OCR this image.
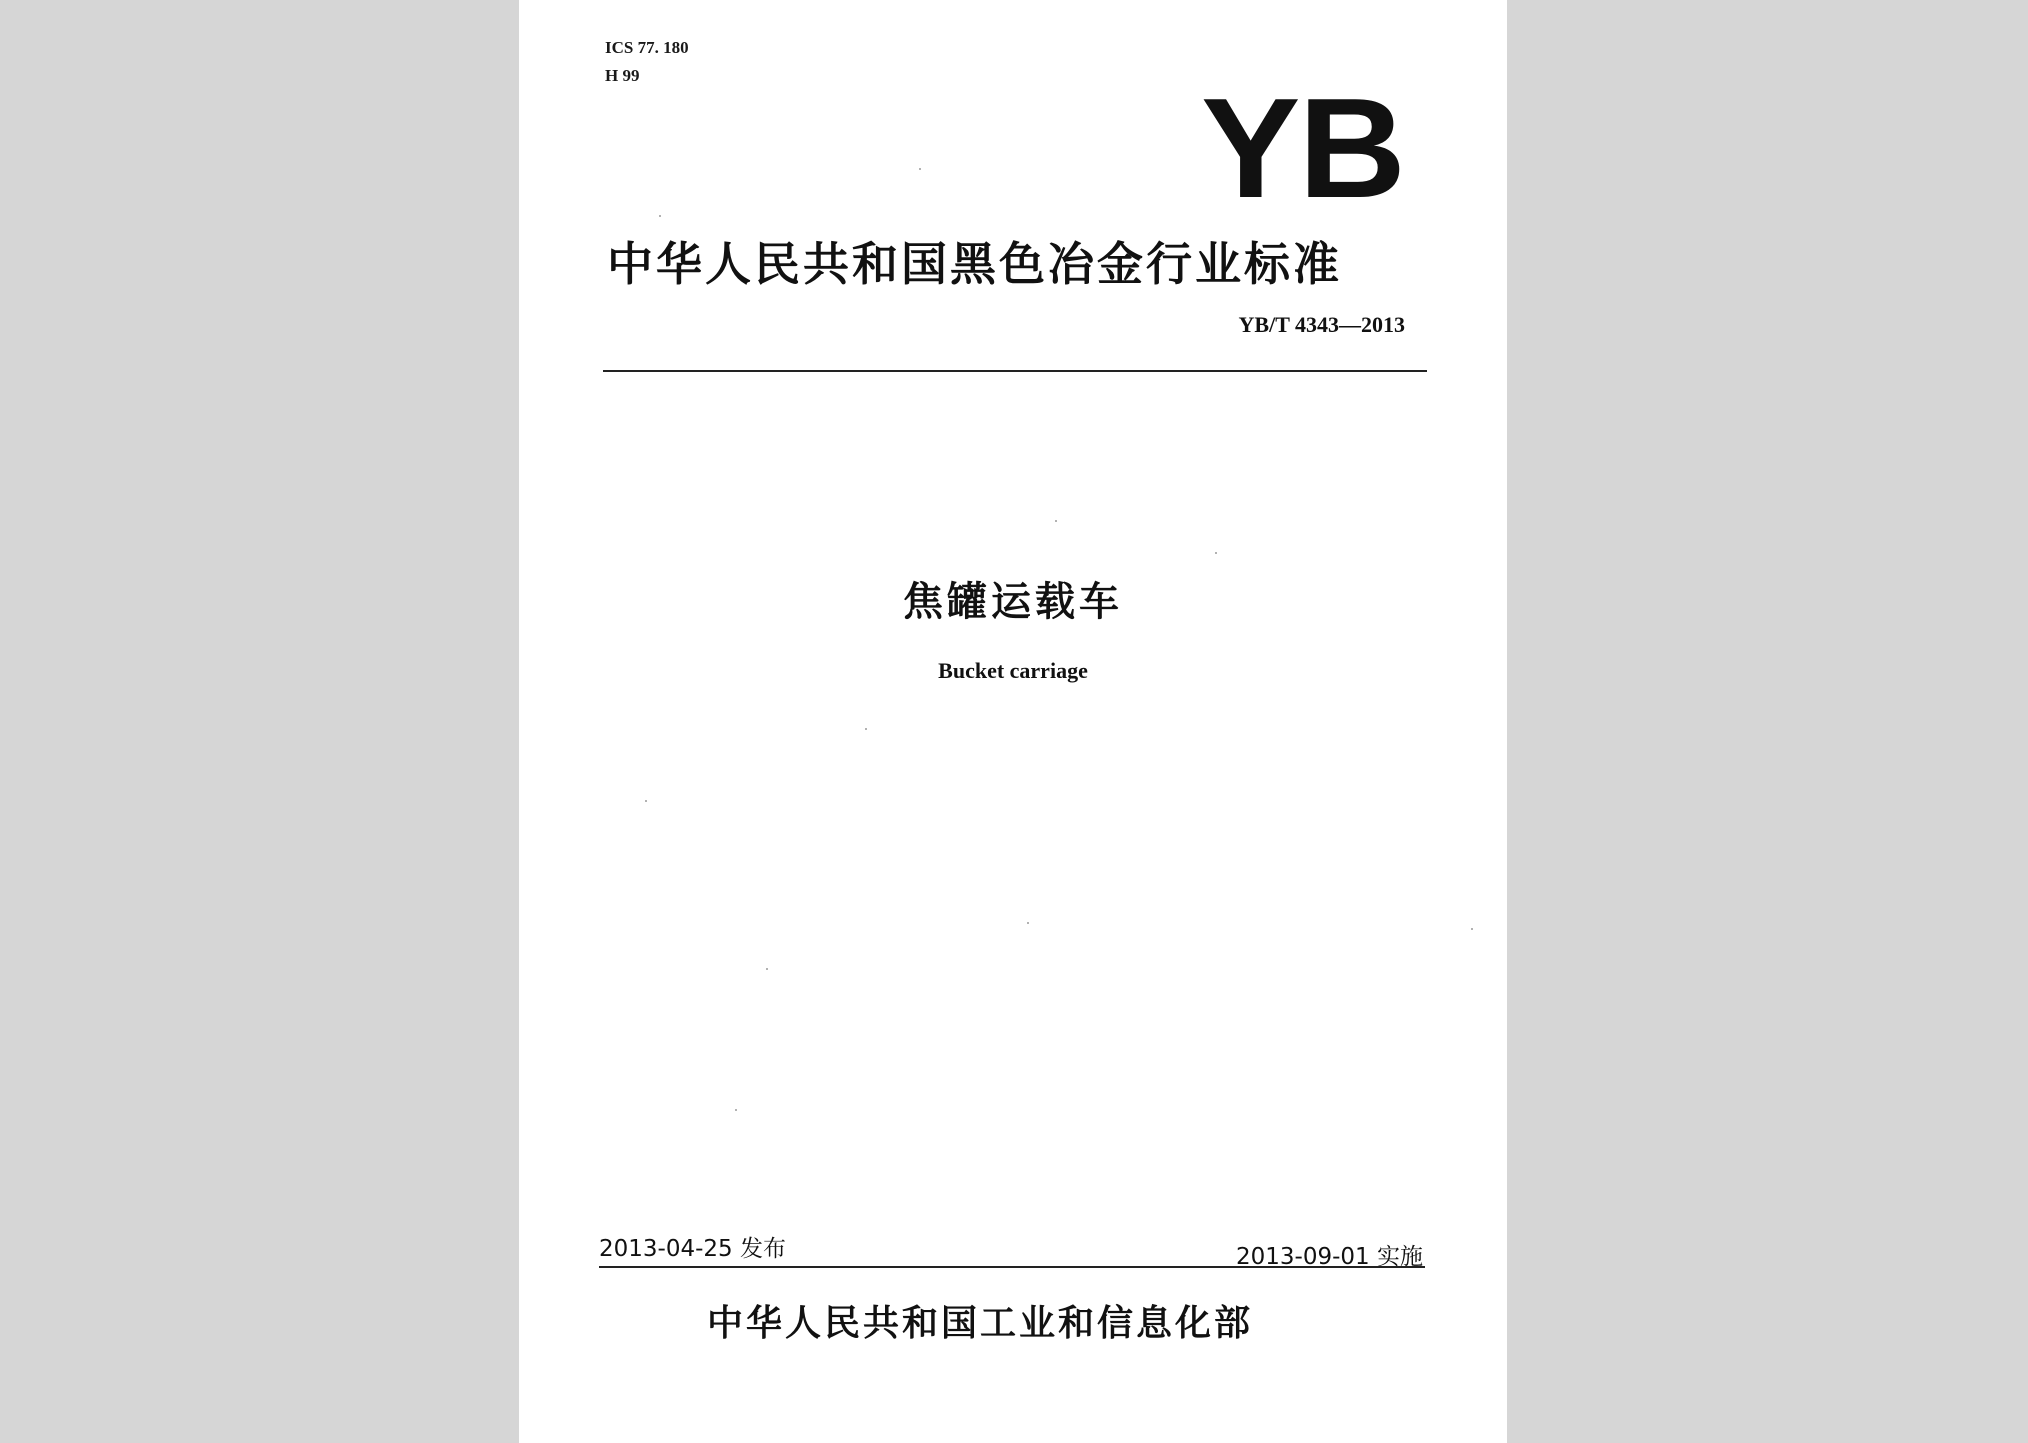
ICS 77. 180
H 99	YB
中华人民共和国黑色冶金行业标准
YB/T 4343—2013
焦罐运载车
Bucket carriage
2013-04-25 发布	2013-09-01 实施
中华人民共和国工业和信息化部
